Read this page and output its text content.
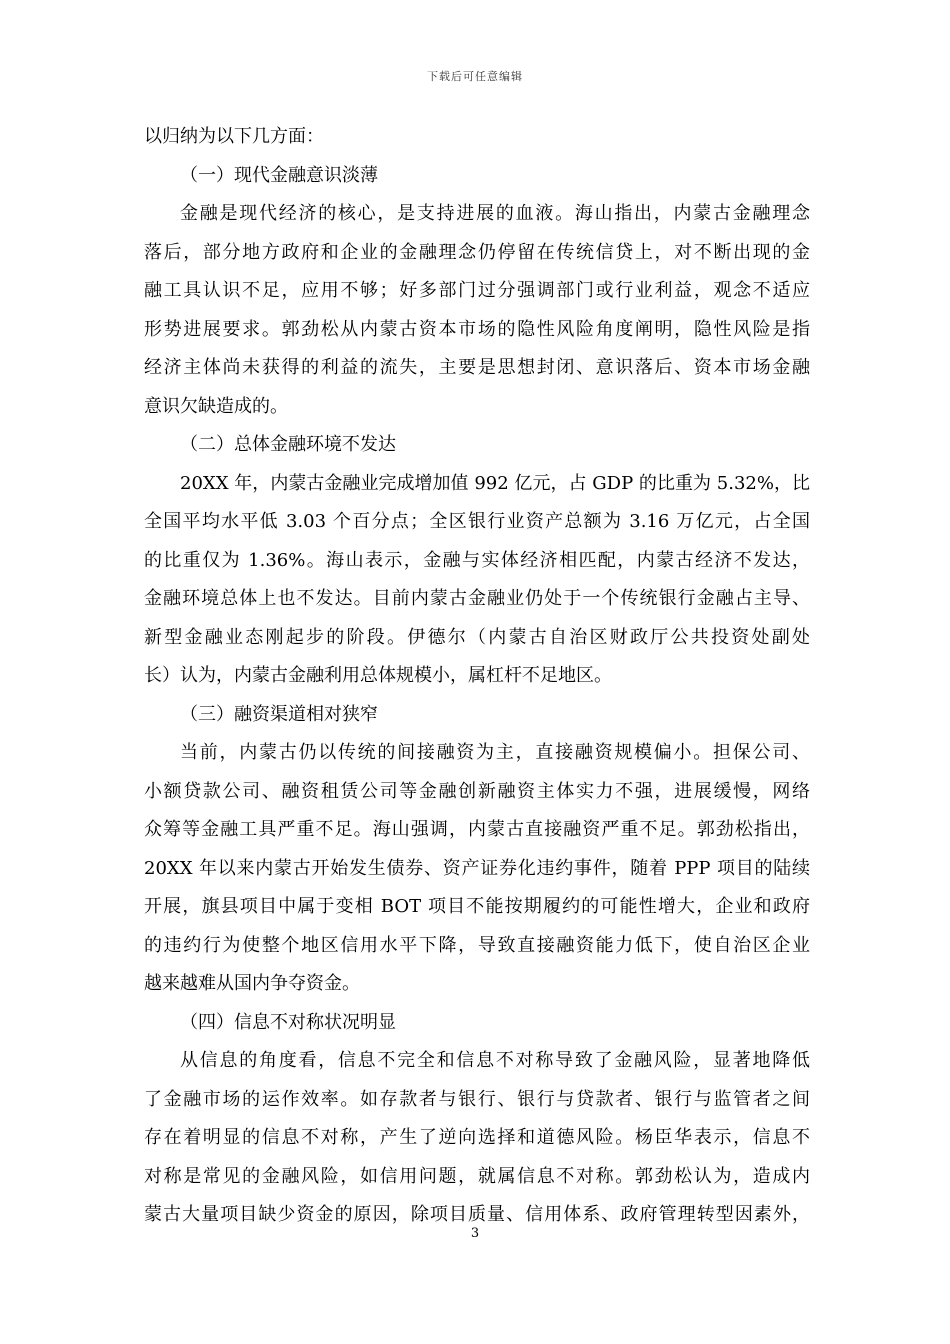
下载后可任意编辑
以归纳为以下几方面：
（一）现代金融意识淡薄
金融是现代经济的核心，是支持进展的血液。海山指出，内蒙古金融理念
落后，部分地方政府和企业的金融理念仍停留在传统信贷上，对不断出现的金
融工具认识不足，应用不够；好多部门过分强调部门或行业利益，观念不适应
形势进展要求。郭劲松从内蒙古资本市场的隐性风险角度阐明，隐性风险是指
经济主体尚未获得的利益的流失，主要是思想封闭、意识落后、资本市场金融
意识欠缺造成的。
（二）总体金融环境不发达
20XX 年，内蒙古金融业完成增加值 992 亿元，占 GDP 的比重为 5.32%，比
全国平均水平低 3.03 个百分点；全区银行业资产总额为 3.16 万亿元，占全国
的比重仅为 1.36%。海山表示，金融与实体经济相匹配，内蒙古经济不发达，
金融环境总体上也不发达。目前内蒙古金融业仍处于一个传统银行金融占主导、
新型金融业态刚起步的阶段。伊德尔（内蒙古自治区财政厅公共投资处副处
长）认为，内蒙古金融利用总体规模小，属杠杆不足地区。
（三）融资渠道相对狭窄
当前，内蒙古仍以传统的间接融资为主，直接融资规模偏小。担保公司、
小额贷款公司、融资租赁公司等金融创新融资主体实力不强，进展缓慢，网络
众筹等金融工具严重不足。海山强调，内蒙古直接融资严重不足。郭劲松指出，
20XX 年以来内蒙古开始发生债券、资产证券化违约事件，随着 PPP 项目的陆续
开展，旗县项目中属于变相 BOT 项目不能按期履约的可能性增大，企业和政府
的违约行为使整个地区信用水平下降，导致直接融资能力低下，使自治区企业
越来越难从国内争夺资金。
（四）信息不对称状况明显
从信息的角度看，信息不完全和信息不对称导致了金融风险，显著地降低
了金融市场的运作效率。如存款者与银行、银行与贷款者、银行与监管者之间
存在着明显的信息不对称，产生了逆向选择和道德风险。杨臣华表示，信息不
对称是常见的金融风险，如信用问题，就属信息不对称。郭劲松认为，造成内
蒙古大量项目缺少资金的原因，除项目质量、信用体系、政府管理转型因素外，
3
